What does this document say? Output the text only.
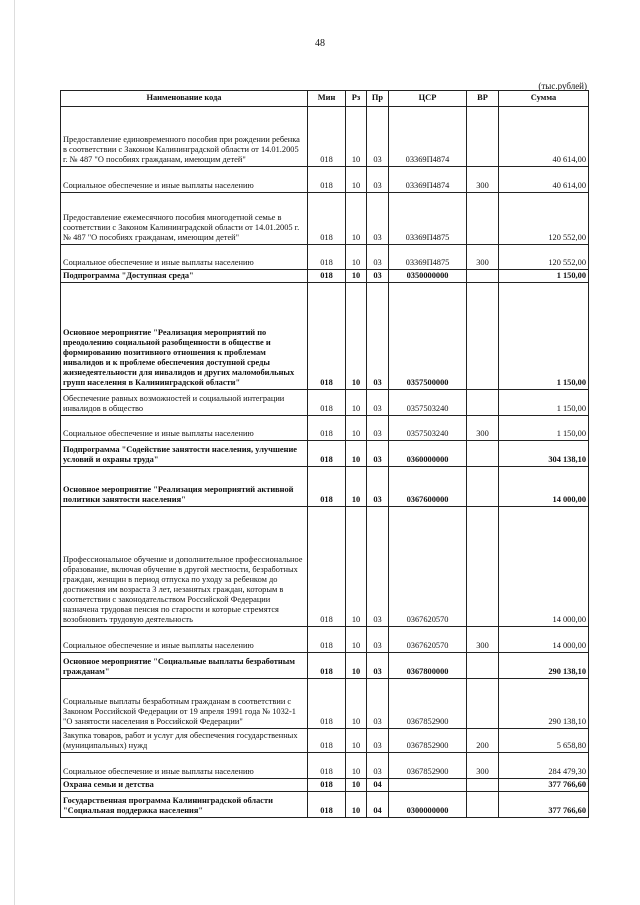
48
(тыс.рублей)
Наименование кода	Мин	Рз	Пр	ЦСР	ВР	Сумма
Предоставление единовременного пособия при рождении ребенка в соответствии с Законом Калининградской области от 14.01.2005 г. № 487 "О пособиях гражданам, имеющим детей"	018	10	03	03369П4874		40 614,00
Социальное обеспечение и иные выплаты населению	018	10	03	03369П4874	300	40 614,00
Предоставление ежемесячного пособия многодетной семье в соответствии с Законом Калининградской области от 14.01.2005 г. № 487 "О пособиях гражданам, имеющим детей"	018	10	03	03369П4875		120 552,00
Социальное обеспечение и иные выплаты населению	018	10	03	03369П4875	300	120 552,00
Подпрограмма "Доступная среда"	018	10	03	0350000000		1 150,00
Основное мероприятие "Реализация мероприятий по преодолению социальной разобщенности в обществе и формированию позитивного отношения к проблемам инвалидов и к проблеме обеспечения доступной среды жизнедеятельности для инвалидов и других маломобильных групп населения в Калининградской области"	018	10	03	0357500000		1 150,00
Обеспечение равных возможностей и социальной интеграции инвалидов в общество	018	10	03	0357503240		1 150,00
Социальное обеспечение и иные выплаты населению	018	10	03	0357503240	300	1 150,00
Подпрограмма "Содействие занятости населения, улучшение условий и охраны труда"	018	10	03	0360000000		304 138,10
Основное мероприятие "Реализация мероприятий активной политики занятости населения"	018	10	03	0367600000		14 000,00
Профессиональное обучение и дополнительное профессиональное образование, включая обучение в другой местности, безработных граждан, женщин в период отпуска по уходу за ребенком до достижения им возраста 3 лет, незанятых граждан, которым в соответствии с законодательством Российской Федерации назначена трудовая пенсия по старости и которые стремятся возобновить трудовую деятельность	018	10	03	0367620570		14 000,00
Социальное обеспечение и иные выплаты населению	018	10	03	0367620570	300	14 000,00
Основное мероприятие "Социальные выплаты безработным гражданам"	018	10	03	0367800000		290 138,10
Социальные выплаты безработным гражданам в соответствии с Законом Российской Федерации от 19 апреля 1991 года № 1032-1 "О занятости населения в Российской Федерации"	018	10	03	0367852900		290 138,10
Закупка товаров, работ и услуг для обеспечения государственных (муниципальных) нужд	018	10	03	0367852900	200	5 658,80
Социальное обеспечение и иные выплаты населению	018	10	03	0367852900	300	284 479,30
Охрана семьи и детства	018	10	04			377 766,60
Государственная программа Калининградской области "Социальная поддержка населения"	018	10	04	0300000000		377 766,60
